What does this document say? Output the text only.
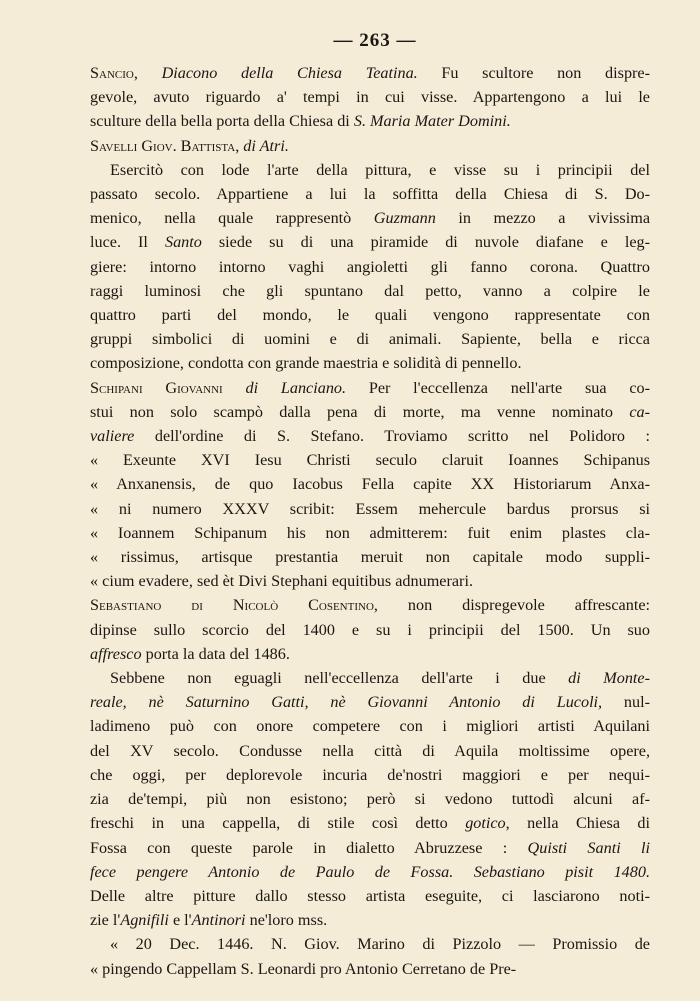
— 263 —
Sancio, Diacono della Chiesa Teatina. Fu scultore non dispre-
gevole, avuto riguardo a' tempi in cui visse. Appartengono a lui le
sculture della bella porta della Chiesa di S. Maria Mater Domini.
Savelli Giov. Battista, di Atri.
Esercitò con lode l'arte della pittura, e visse su i principii del
passato secolo. Appartiene a lui la soffitta della Chiesa di S. Do-
menico, nella quale rappresentò Guzmann in mezzo a vivissima
luce. Il Santo siede su di una piramide di nuvole diafane e leg-
giere: intorno intorno vaghi angioletti gli fanno corona. Quattro
raggi luminosi che gli spuntano dal petto, vanno a colpire le
quattro parti del mondo, le quali vengono rappresentate con
gruppi simbolici di uomini e di animali. Sapiente, bella e ricca
composizione, condotta con grande maestria e solidità di pennello.
Schipani Giovanni di Lanciano. Per l'eccellenza nell'arte sua co-
stui non solo scampò dalla pena di morte, ma venne nominato ca-
valiere dell'ordine di S. Stefano. Troviamo scritto nel Polidoro :
« Exeunte XVI Iesu Christi seculo claruit Ioannes Schipanus
« Anxanensis, de quo Iacobus Fella capite XX Historiarum Anxa-
« ni numero XXXV scribit: Essem mehercule bardus prorsus si
« Ioannem Schipanum his non admitterem: fuit enim plastes cla-
« rissimus, artisque prestantia meruit non capitale modo suppli-
« cium evadere, sed èt Divi Stephani equitibus adnumerari.
Sebastiano di Nicolò Cosentino, non dispregevole affrescante:
dipinse sullo scorcio del 1400 e su i principii del 1500. Un suo
affresco porta la data del 1486.
Sebbene non eguagli nell'eccellenza dell'arte i due di Monte-
reale, nè Saturnino Gatti, nè Giovanni Antonio di Lucoli, nul-
ladimeno può con onore competere con i migliori artisti Aquilani
del XV secolo. Condusse nella città di Aquila moltissime opere,
che oggi, per deplorevole incuria de'nostri maggiori e per nequi-
zia de'tempi, più non esistono; però si vedono tuttodì alcuni af-
freschi in una cappella, di stile così detto gotico, nella Chiesa di
Fossa con queste parole in dialetto Abruzzese : Quisti Santi li
fece pengere Antonio de Paulo de Fossa. Sebastiano pisit 1480.
Delle altre pitture dallo stesso artista eseguite, ci lasciarono noti-
zie l'Agnifili e l'Antinori ne'loro mss.
« 20 Dec. 1446. N. Giov. Marino di Pizzolo — Promissio de
« pingendo Cappellam S. Leonardi pro Antonio Cerretano de Pre-
